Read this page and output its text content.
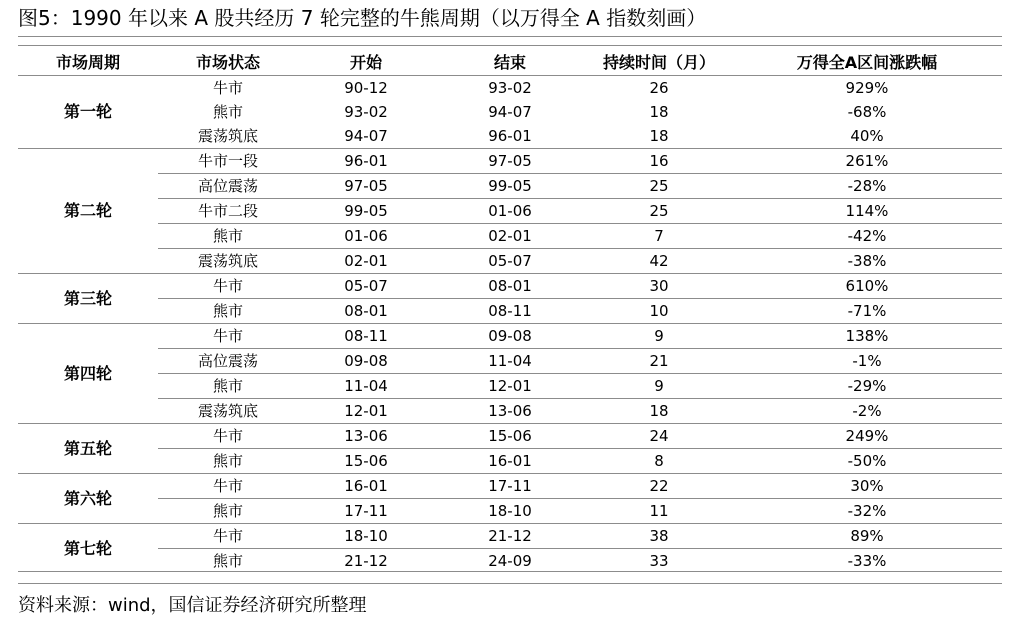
图5：1990 年以来 A 股共经历 7 轮完整的牛熊周期（以万得全 A 指数刻画）
市场周期	市场状态	开始	结束	持续时间（月）	万得全A区间涨跌幅
第一轮	牛市	90-12	93-02	26	929%
	熊市	93-02	94-07	18	-68%
	震荡筑底	94-07	96-01	18	40%
第二轮	牛市一段	96-01	97-05	16	261%
	高位震荡	97-05	99-05	25	-28%
	牛市二段	99-05	01-06	25	114%
	熊市	01-06	02-01	7	-42%
	震荡筑底	02-01	05-07	42	-38%
第三轮	牛市	05-07	08-01	30	610%
	熊市	08-01	08-11	10	-71%
第四轮	牛市	08-11	09-08	9	138%
	高位震荡	09-08	11-04	21	-1%
	熊市	11-04	12-01	9	-29%
	震荡筑底	12-01	13-06	18	-2%
第五轮	牛市	13-06	15-06	24	249%
	熊市	15-06	16-01	8	-50%
第六轮	牛市	16-01	17-11	22	30%
	熊市	17-11	18-10	11	-32%
第七轮	牛市	18-10	21-12	38	89%
	熊市	21-12	24-09	33	-33%
资料来源：wind，国信证券经济研究所整理
